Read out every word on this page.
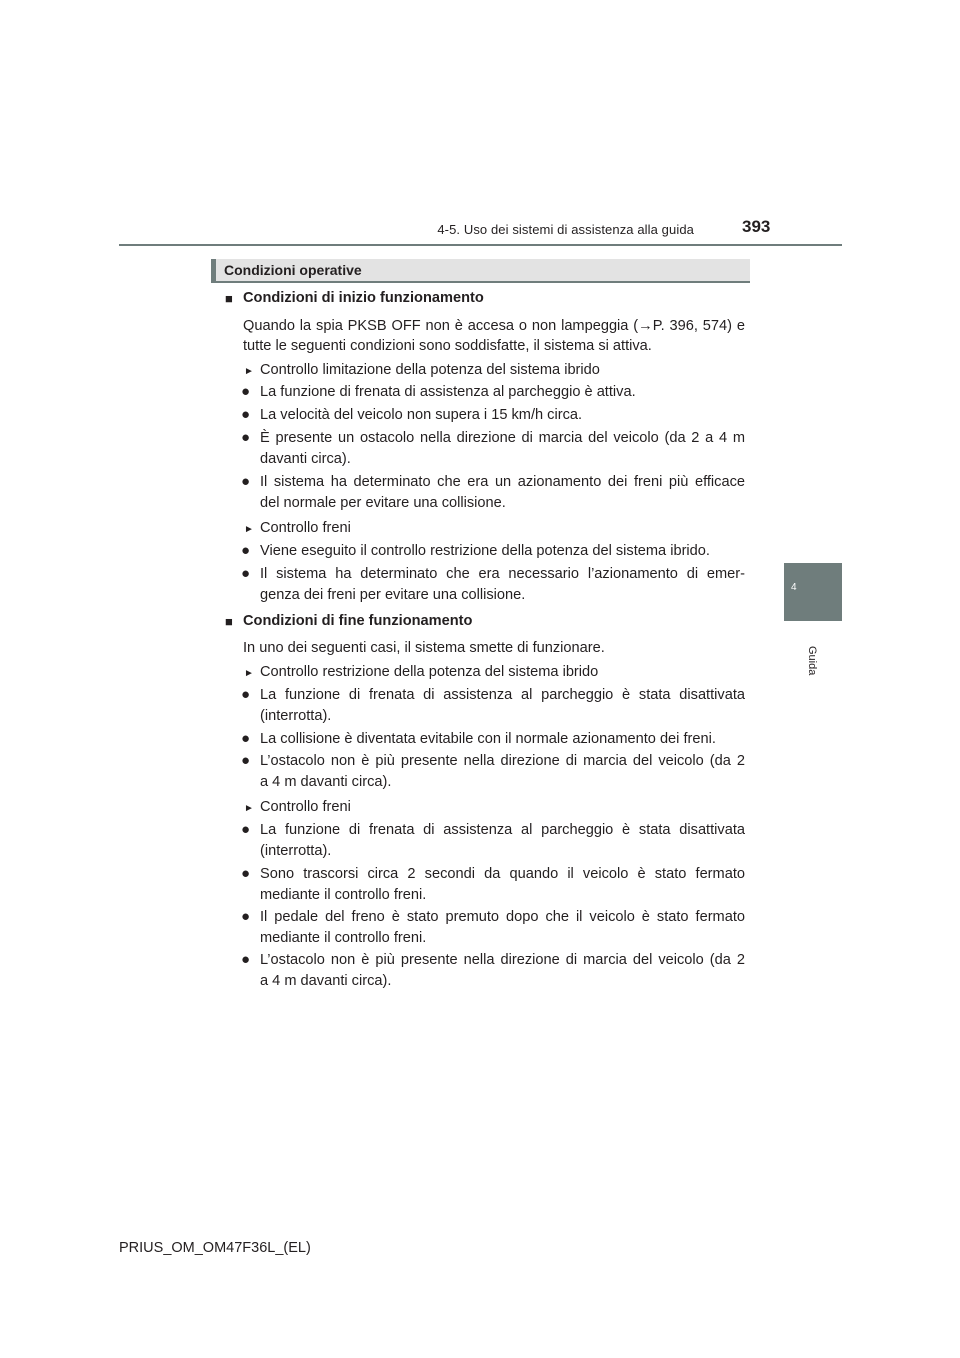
4-5. Uso dei sistemi di assistenza alla guida	393
4
Guida
Condizioni operative
■ Condizioni di inizio funzionamento
Quando la spia PKSB OFF non è accesa o non lampeggia (→P. 396, 574) e
tutte le seguenti condizioni sono soddisfatte, il sistema si attiva.
► Controllo limitazione della potenza del sistema ibrido
● La funzione di frenata di assistenza al parcheggio è attiva.
● La velocità del veicolo non supera i 15 km/h circa.
● È presente un ostacolo nella direzione di marcia del veicolo (da 2 a 4 m
davanti circa).
● Il sistema ha determinato che era un azionamento dei freni più efficace
del normale per evitare una collisione.
► Controllo freni
● Viene eseguito il controllo restrizione della potenza del sistema ibrido.
● Il sistema ha determinato che era necessario l’azionamento di emer-
genza dei freni per evitare una collisione.
■ Condizioni di fine funzionamento
In uno dei seguenti casi, il sistema smette di funzionare.
► Controllo restrizione della potenza del sistema ibrido
● La funzione di frenata di assistenza al parcheggio è stata disattivata
(interrotta).
● La collisione è diventata evitabile con il normale azionamento dei freni.
● L’ostacolo non è più presente nella direzione di marcia del veicolo (da 2
a 4 m davanti circa).
► Controllo freni
● La funzione di frenata di assistenza al parcheggio è stata disattivata
(interrotta).
● Sono trascorsi circa 2 secondi da quando il veicolo è stato fermato
mediante il controllo freni.
● Il pedale del freno è stato premuto dopo che il veicolo è stato fermato
mediante il controllo freni.
● L’ostacolo non è più presente nella direzione di marcia del veicolo (da 2
a 4 m davanti circa).
PRIUS_OM_OM47F36L_(EL)
